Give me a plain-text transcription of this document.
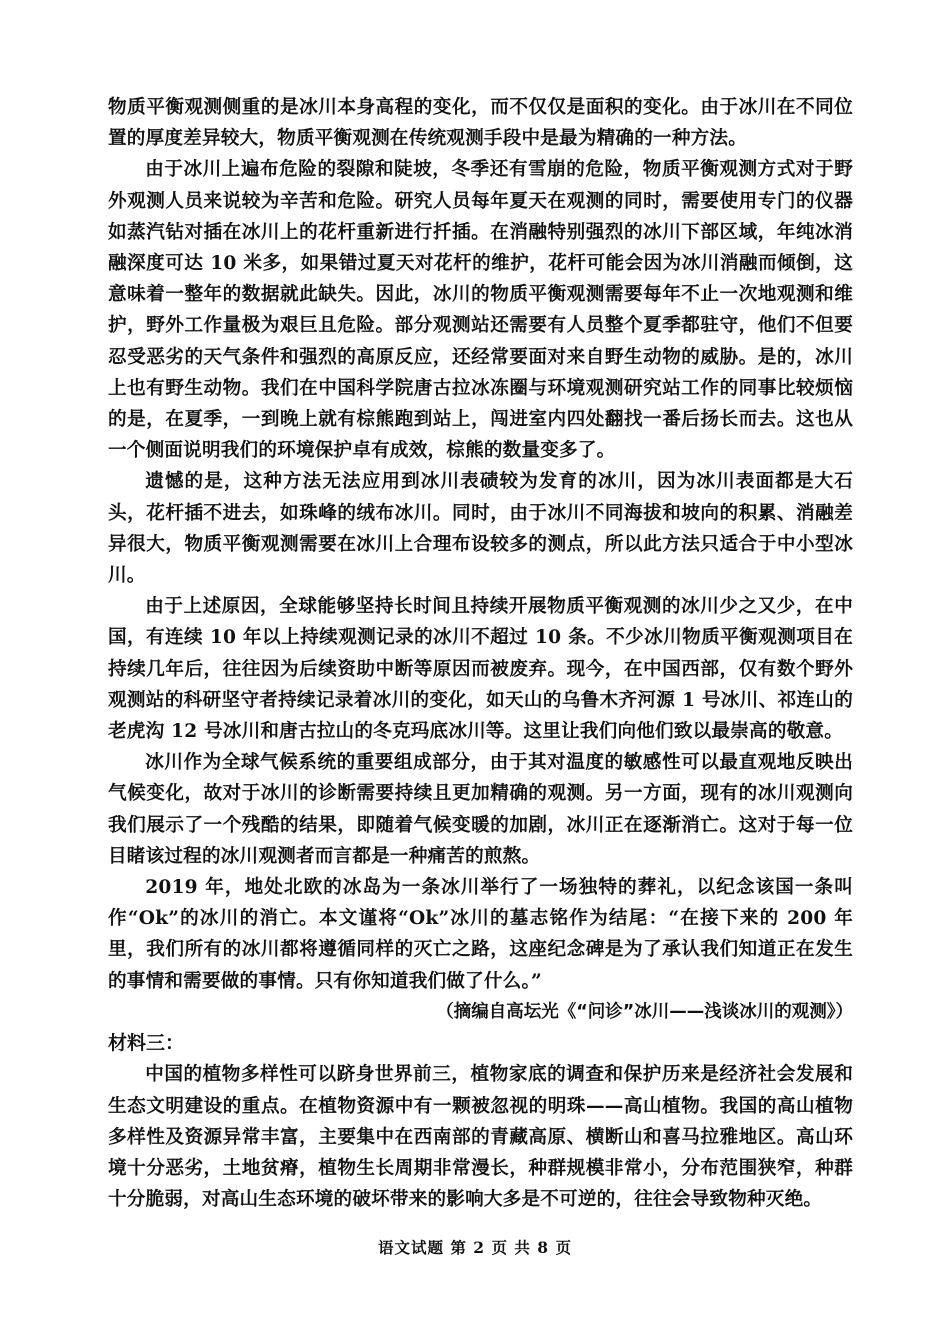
物质平衡观测侧重的是冰川本身高程的变化，而不仅仅是面积的变化。由于冰川在不同位置的厚度差异较大，物质平衡观测在传统观测手段中是最为精确的一种方法。

由于冰川上遍布危险的裂隙和陡坡，冬季还有雪崩的危险，物质平衡观测方式对于野外观测人员来说较为辛苦和危险。研究人员每年夏天在观测的同时，需要使用专门的仪器如蒸汽钻对插在冰川上的花杆重新进行扦插。在消融特别强烈的冰川下部区域，年纯冰消融深度可达 10 米多，如果错过夏天对花杆的维护，花杆可能会因为冰川消融而倾倒，这意味着一整年的数据就此缺失。因此，冰川的物质平衡观测需要每年不止一次地观测和维护，野外工作量极为艰巨且危险。部分观测站还需要有人员整个夏季都驻守，他们不但要忍受恶劣的天气条件和强烈的高原反应，还经常要面对来自野生动物的威胁。是的，冰川上也有野生动物。我们在中国科学院唐古拉冰冻圈与环境观测研究站工作的同事比较烦恼的是，在夏季，一到晚上就有棕熊跑到站上，闯进室内四处翻找一番后扬长而去。这也从一个侧面说明我们的环境保护卓有成效，棕熊的数量变多了。

遗憾的是，这种方法无法应用到冰川表碛较为发育的冰川，因为冰川表面都是大石头，花杆插不进去，如珠峰的绒布冰川。同时，由于冰川不同海拔和坡向的积累、消融差异很大，物质平衡观测需要在冰川上合理布设较多的测点，所以此方法只适合于中小型冰川。

由于上述原因，全球能够坚持长时间且持续开展物质平衡观测的冰川少之又少，在中国，有连续 10 年以上持续观测记录的冰川不超过 10 条。不少冰川物质平衡观测项目在持续几年后，往往因为后续资助中断等原因而被废弃。现今，在中国西部，仅有数个野外观测站的科研坚守者持续记录着冰川的变化，如天山的乌鲁木齐河源 1 号冰川、祁连山的老虎沟 12 号冰川和唐古拉山的冬克玛底冰川等。这里让我们向他们致以最崇高的敬意。

冰川作为全球气候系统的重要组成部分，由于其对温度的敏感性可以最直观地反映出气候变化，故对于冰川的诊断需要持续且更加精确的观测。另一方面，现有的冰川观测向我们展示了一个残酷的结果，即随着气候变暖的加剧，冰川正在逐渐消亡。这对于每一位目睹该过程的冰川观测者而言都是一种痛苦的煎熬。

2019 年，地处北欧的冰岛为一条冰川举行了一场独特的葬礼，以纪念该国一条叫作“Ok”的冰川的消亡。本文谨将“Ok”冰川的墓志铭作为结尾：“在接下来的 200 年里，我们所有的冰川都将遵循同样的灭亡之路，这座纪念碑是为了承认我们知道正在发生的事情和需要做的事情。只有你知道我们做了什么。”

（摘编自高坛光《“问诊”冰川——浅谈冰川的观测》）

材料三：

中国的植物多样性可以跻身世界前三，植物家底的调查和保护历来是经济社会发展和生态文明建设的重点。在植物资源中有一颗被忽视的明珠——高山植物。我国的高山植物多样性及资源异常丰富，主要集中在西南部的青藏高原、横断山和喜马拉雅地区。高山环境十分恶劣，土地贫瘠，植物生长周期非常漫长，种群规模非常小，分布范围狭窄，种群十分脆弱，对高山生态环境的破坏带来的影响大多是不可逆的，往往会导致物种灭绝。

语文试题 第 2 页 共 8 页
